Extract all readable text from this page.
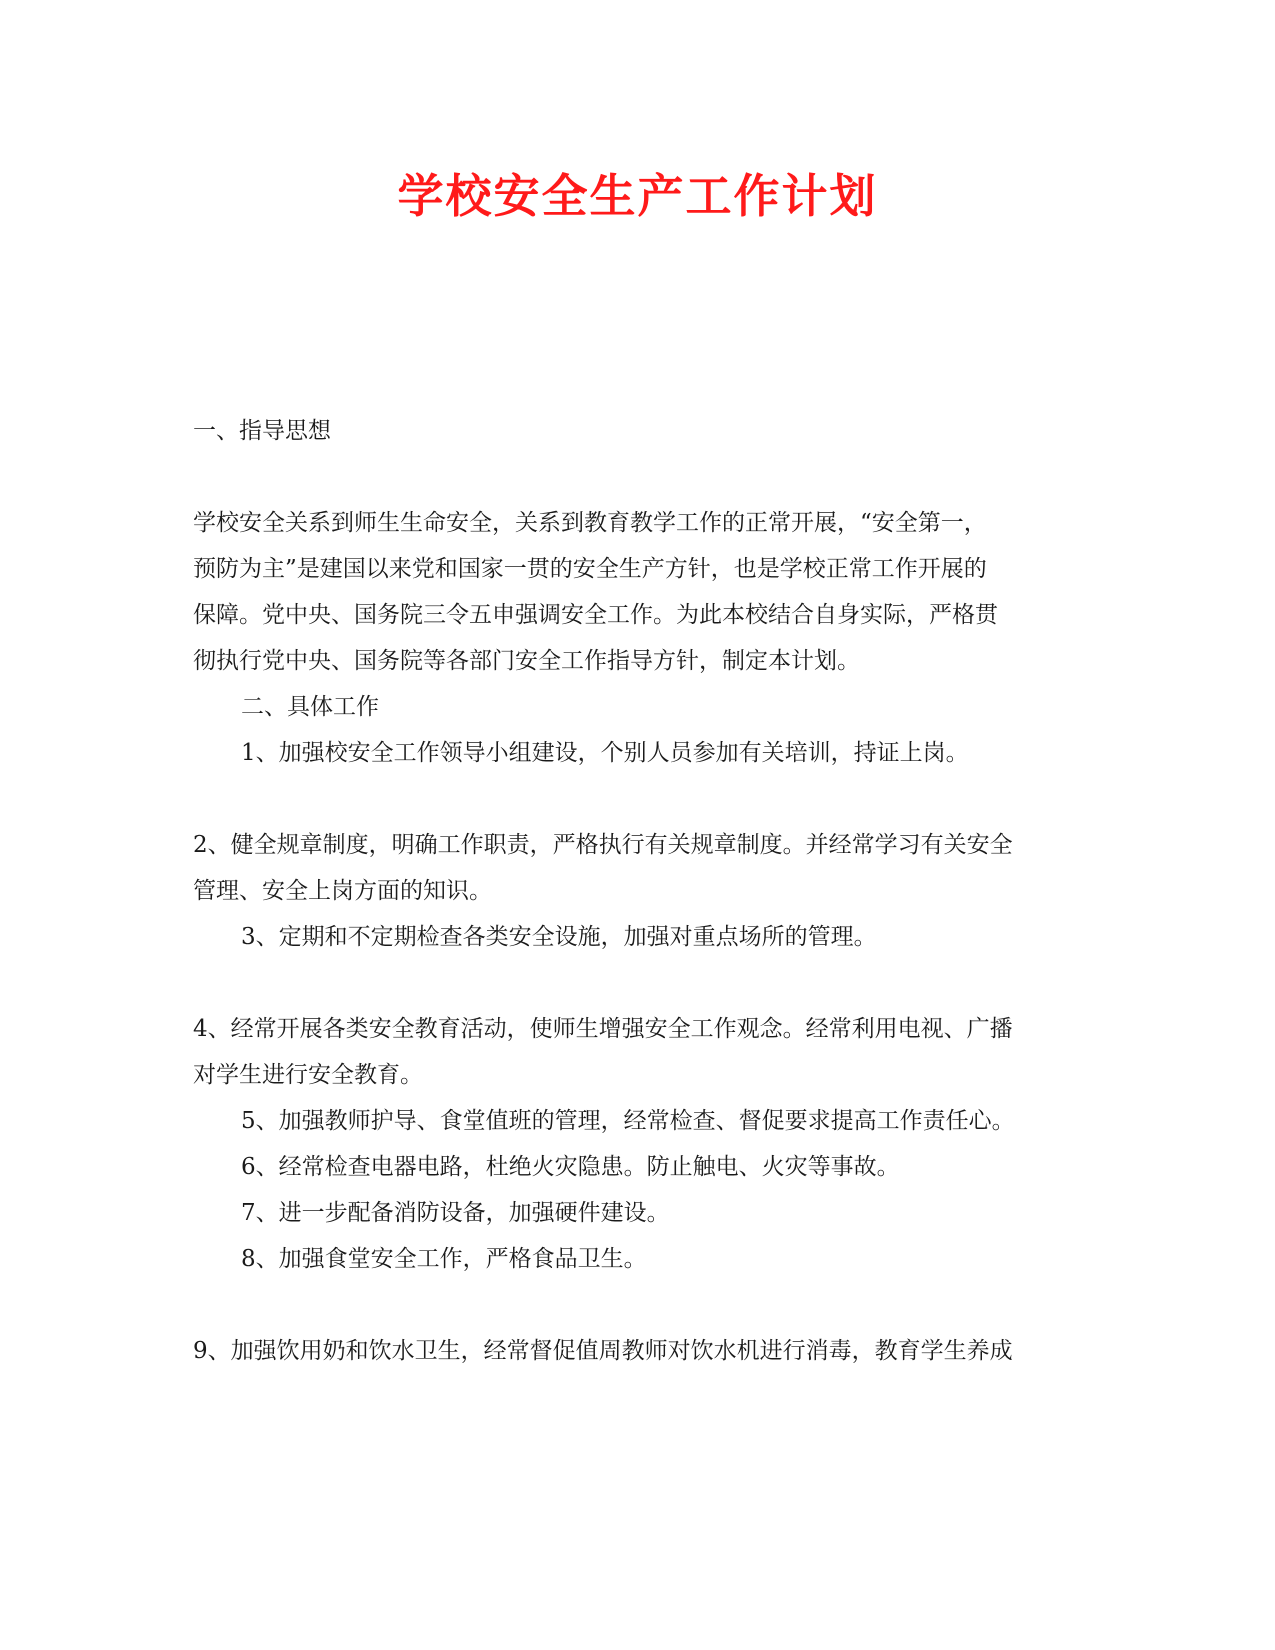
学校安全生产工作计划
一、指导思想
学校安全关系到师生生命安全，关系到教育教学工作的正常开展，“安全第一，
预防为主”是建国以来党和国家一贯的安全生产方针，也是学校正常工作开展的
保障。党中央、国务院三令五申强调安全工作。为此本校结合自身实际，严格贯
彻执行党中央、国务院等各部门安全工作指导方针，制定本计划。
二、具体工作
1、加强校安全工作领导小组建设，个别人员参加有关培训，持证上岗。
2、健全规章制度，明确工作职责，严格执行有关规章制度。并经常学习有关安全
管理、安全上岗方面的知识。
3、定期和不定期检查各类安全设施，加强对重点场所的管理。
4、经常开展各类安全教育活动，使师生增强安全工作观念。经常利用电视、广播
对学生进行安全教育。
5、加强教师护导、食堂值班的管理，经常检查、督促要求提高工作责任心。
6、经常检查电器电路，杜绝火灾隐患。防止触电、火灾等事故。
7、进一步配备消防设备，加强硬件建设。
8、加强食堂安全工作，严格食品卫生。
9、加强饮用奶和饮水卫生，经常督促值周教师对饮水机进行消毒，教育学生养成
